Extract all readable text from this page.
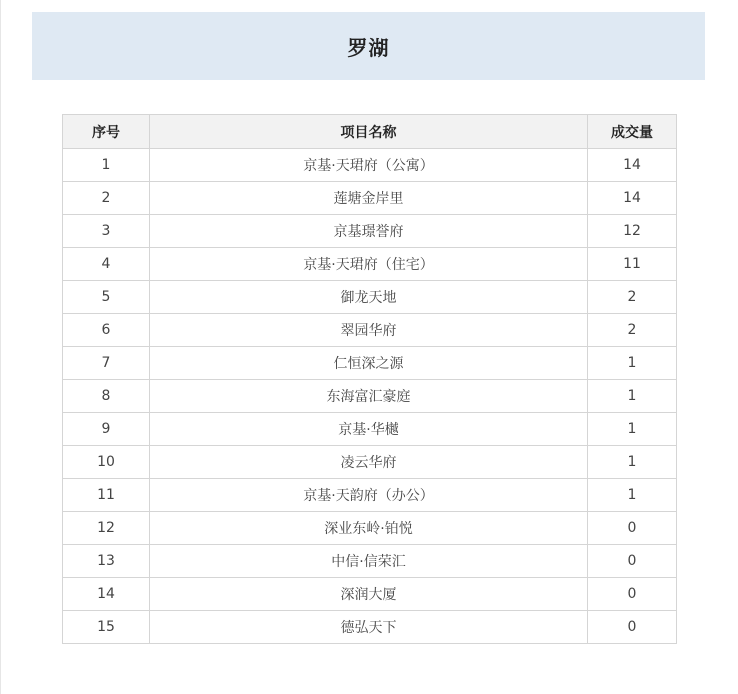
罗湖
序号	项目名称	成交量
1	京基·天珺府（公寓）	14
2	莲塘金岸里	14
3	京基璟誉府	12
4	京基·天珺府（住宅）	11
5	御龙天地	2
6	翠园华府	2
7	仁恒深之源	1
8	东海富汇豪庭	1
9	京基·华樾	1
10	凌云华府	1
11	京基·天韵府（办公）	1
12	深业东岭·铂悦	0
13	中信·信荣汇	0
14	深润大厦	0
15	德弘天下	0
